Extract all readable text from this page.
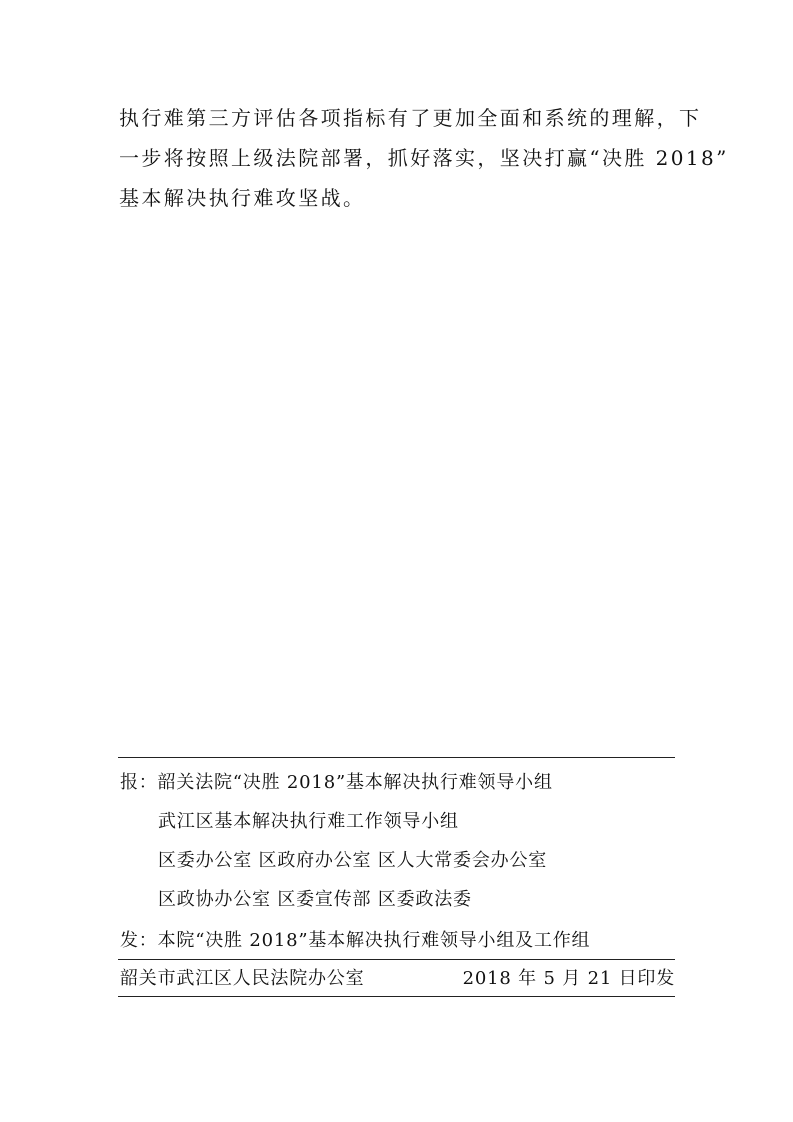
执行难第三方评估各项指标有了更加全面和系统的理解，下
一步将按照上级法院部署，抓好落实，坚决打赢“决胜 2018”
基本解决执行难攻坚战。
报：韶关法院“决胜 2018”基本解决执行难领导小组
武江区基本解决执行难工作领导小组
区委办公室 区政府办公室 区人大常委会办公室
区政协办公室 区委宣传部 区委政法委
发：本院“决胜 2018”基本解决执行难领导小组及工作组
韶关市武江区人民法院办公室	2018 年 5 月 21 日印发
